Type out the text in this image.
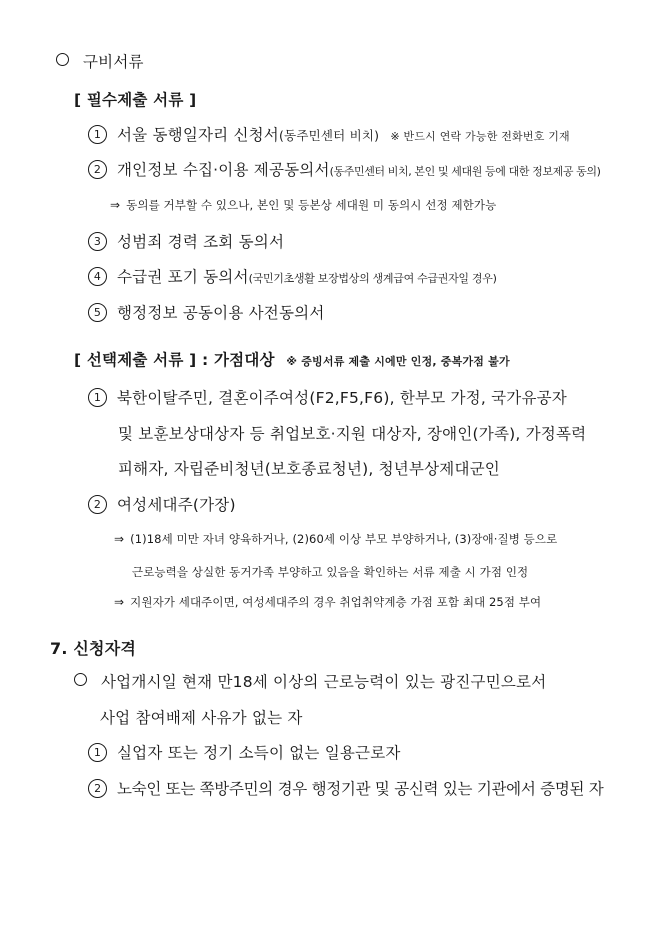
구비서류
[ 필수제출 서류 ]
1 서울 동행일자리 신청서(동주민센터 비치) ※ 반드시 연락 가능한 전화번호 기재
2 개인정보 수집·이용 제공동의서(동주민센터 비치, 본인 및 세대원 등에 대한 정보제공 동의)
⇒ 동의를 거부할 수 있으나, 본인 및 등본상 세대원 미 동의시 선정 제한가능
3 성범죄 경력 조회 동의서
4 수급권 포기 동의서(국민기초생활 보장법상의 생계급여 수급권자일 경우)
5 행정정보 공동이용 사전동의서
[ 선택제출 서류 ] : 가점대상 ※ 증빙서류 제출 시에만 인정, 중복가점 불가
1 북한이탈주민, 결혼이주여성(F2,F5,F6), 한부모 가정, 국가유공자
및 보훈보상대상자 등 취업보호·지원 대상자, 장애인(가족), 가정폭력
피해자, 자립준비청년(보호종료청년), 청년부상제대군인
2 여성세대주(가장)
⇒ (1)18세 미만 자녀 양육하거나, (2)60세 이상 부모 부양하거나, (3)장애·질병 등으로
근로능력을 상실한 동거가족 부양하고 있음을 확인하는 서류 제출 시 가점 인정
⇒ 지원자가 세대주이면, 여성세대주의 경우 취업취약계층 가점 포함 최대 25점 부여
7. 신청자격
사업개시일 현재 만18세 이상의 근로능력이 있는 광진구민으로서
사업 참여배제 사유가 없는 자
1 실업자 또는 정기 소득이 없는 일용근로자
2 노숙인 또는 쪽방주민의 경우 행정기관 및 공신력 있는 기관에서 증명된 자
